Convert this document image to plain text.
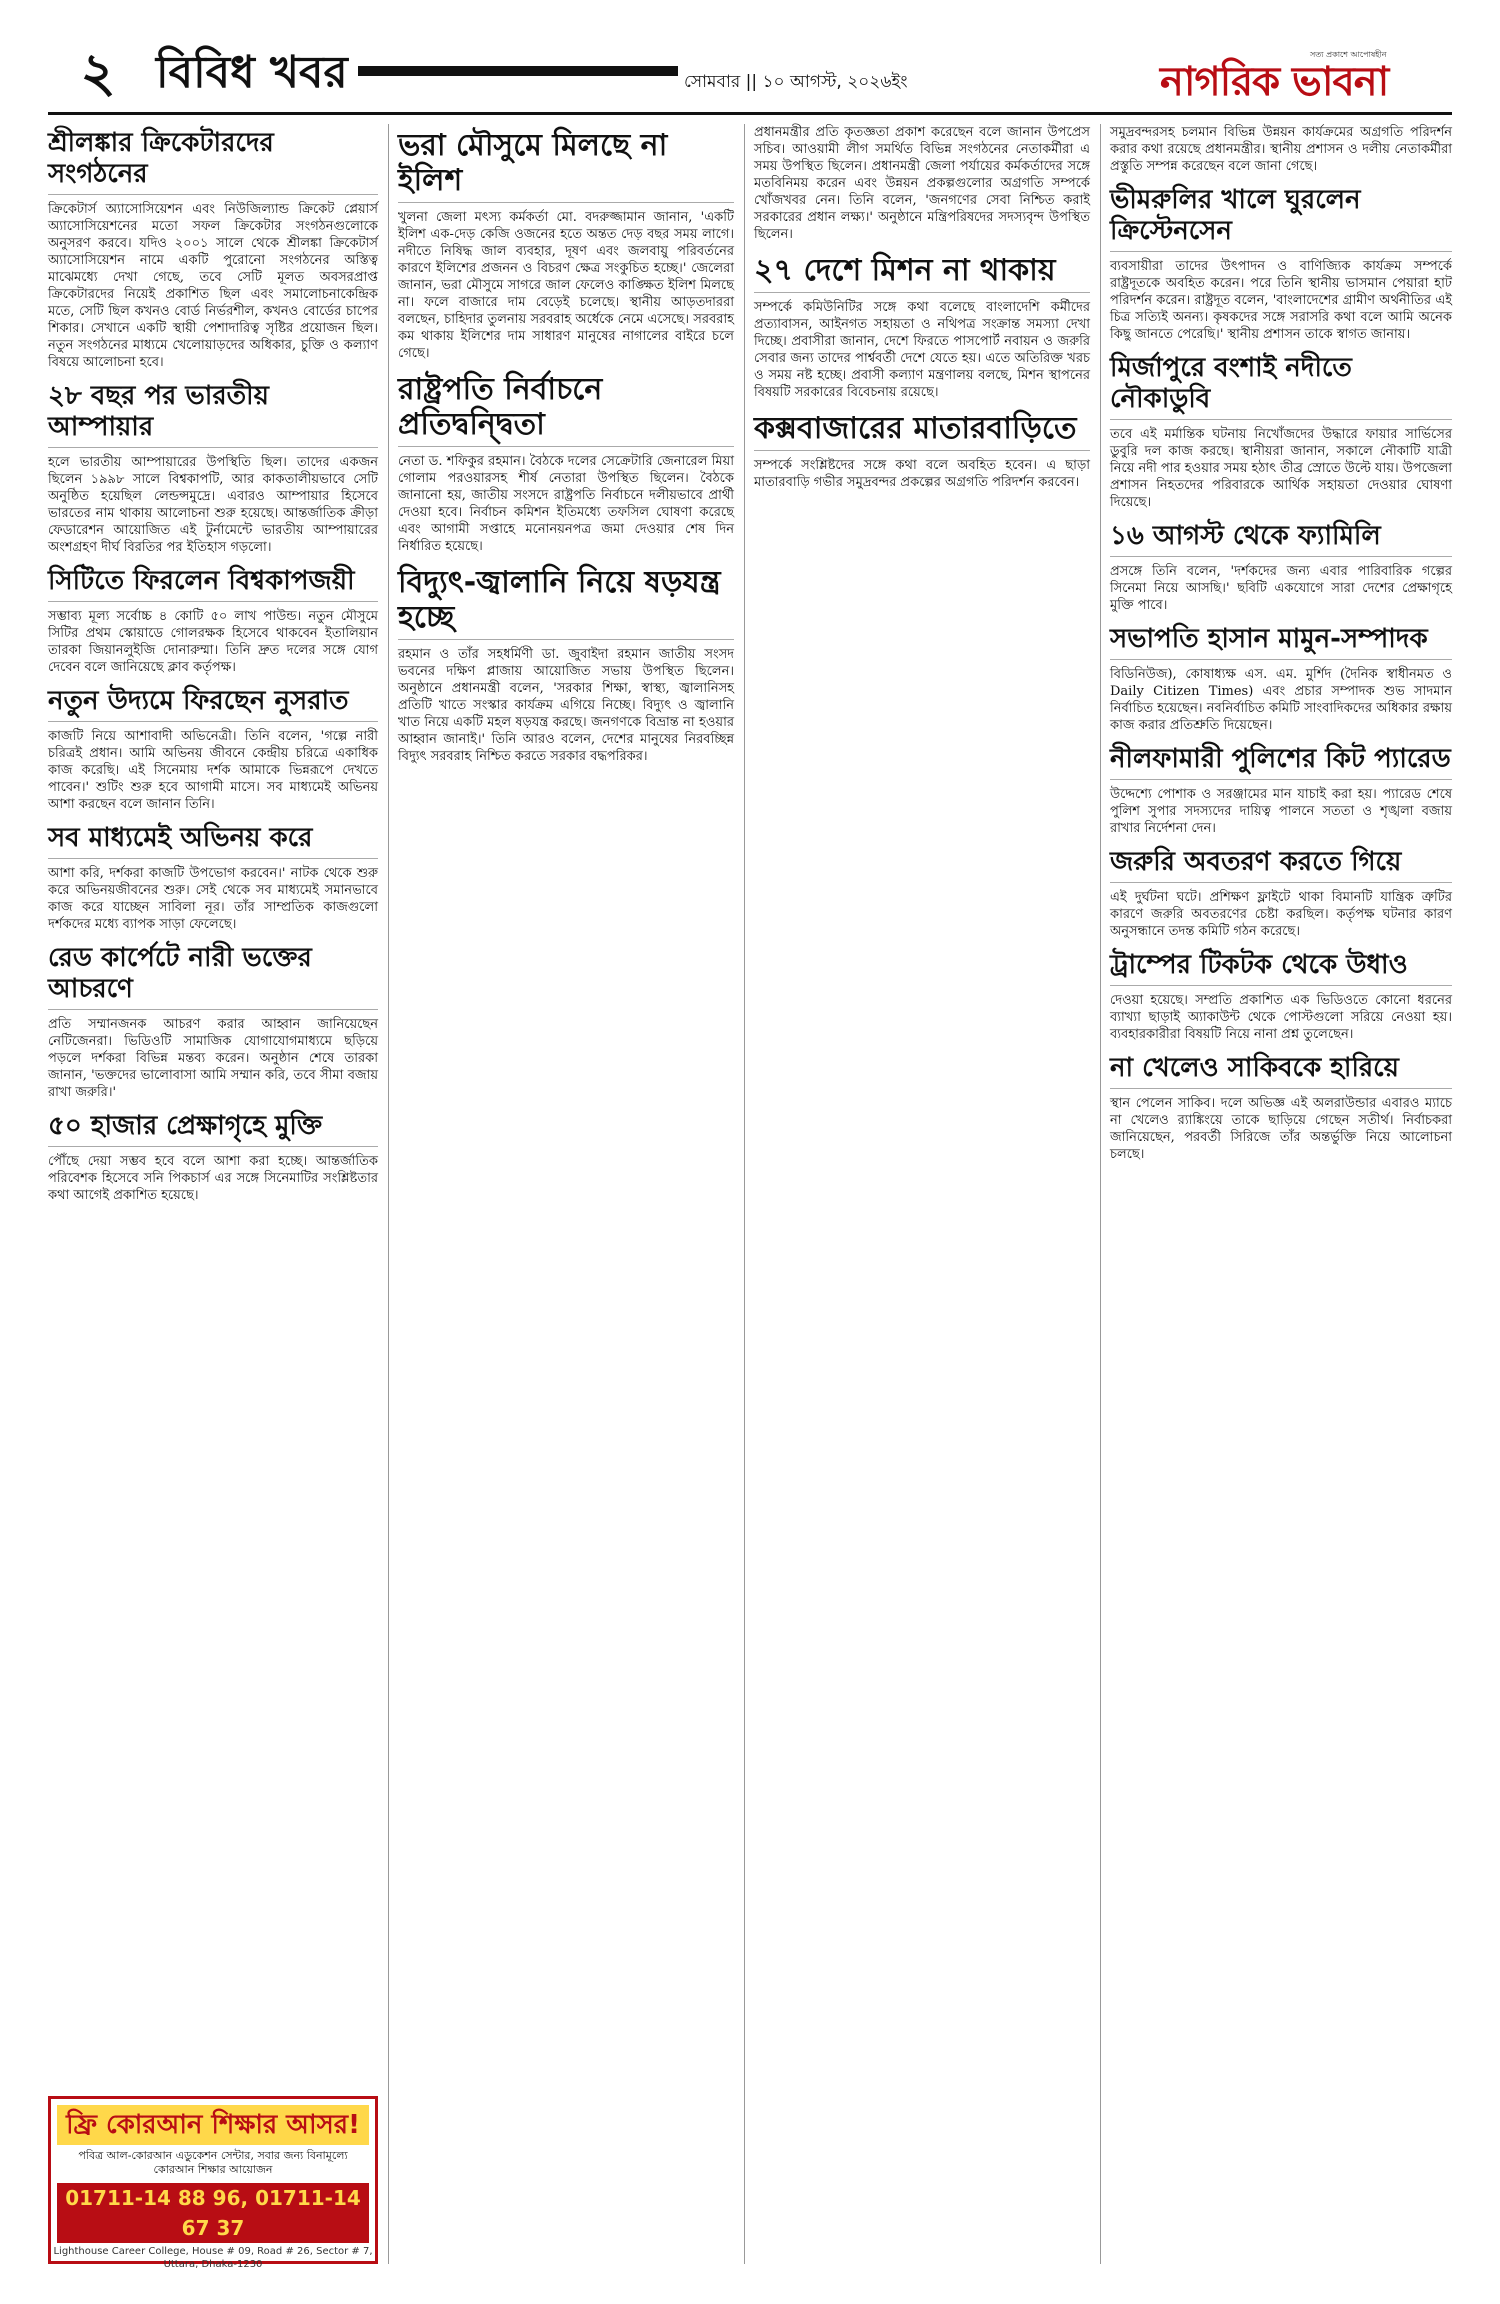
২ বিবিধ খবর	সোমবার || ১০ আগস্ট, ২০২৬ইং	নাগরিক ভাবনা
সত্য প্রকাশে আপোষহীন
শ্রীলঙ্কার ক্রিকেটারদের সংগঠনের
ক্রিকেটার্স অ্যাসোসিয়েশন এবং নিউজিল্যান্ড ক্রিকেট প্লেয়ার্স অ্যাসোসিয়েশনের মতো সফল ক্রিকেটার সংগঠনগুলোকে অনুসরণ করবে। যদিও ২০০১ সালে থেকে শ্রীলঙ্কা ক্রিকেটার্স অ্যাসোসিয়েশন নামে একটি পুরোনো সংগঠনের অস্তিত্ব মাঝেমধ্যে দেখা গেছে, তবে সেটি মূলত অবসরপ্রাপ্ত ক্রিকেটারদের নিয়েই প্রকাশিত ছিল এবং সমালোচনাকেন্দ্রিক মতে, সেটি ছিল কখনও বোর্ড নির্ভরশীল, কখনও বোর্ডের চাপের শিকার। সেখানে একটি স্থায়ী পেশাদারিত্ব সৃষ্টির প্রয়োজন ছিল। নতুন সংগঠনের মাধ্যমে খেলোয়াড়দের অধিকার, চুক্তি ও কল্যাণ বিষয়ে আলোচনা হবে।
২৮ বছর পর ভারতীয় আম্পায়ার
হলে ভারতীয় আম্পায়ারের উপস্থিতি ছিল। তাদের একজন ছিলেন ১৯৯৮ সালে বিশ্বকাপটি, আর কাকতালীয়ভাবে সেটি অনুষ্ঠিত হয়েছিল লেন্ডন্সমুদ্রে। এবারও আম্পায়ার হিসেবে ভারতের নাম থাকায় আলোচনা শুরু হয়েছে। আন্তর্জাতিক ক্রীড়া ফেডারেশন আয়োজিত এই টুর্নামেন্টে ভারতীয় আম্পায়ারের অংশগ্রহণ দীর্ঘ বিরতির পর ইতিহাস গড়লো।
সিটিতে ফিরলেন বিশ্বকাপজয়ী
সম্ভাব্য মূল্য সর্বোচ্চ ৪ কোটি ৫০ লাখ পাউন্ড। নতুন মৌসুমে সিটির প্রথম স্কোয়াডে গোলরক্ষক হিসেবে থাকবেন ইতালিয়ান তারকা জিয়ানলুইজি দোনারুম্মা। তিনি দ্রুত দলের সঙ্গে যোগ দেবেন বলে জানিয়েছে ক্লাব কর্তৃপক্ষ।
নতুন উদ্যমে ফিরছেন নুসরাত
কাজটি নিয়ে আশাবাদী অভিনেত্রী। তিনি বলেন, 'গল্পে নারী চরিত্রই প্রধান। আমি অভিনয় জীবনে কেন্দ্রীয় চরিত্রে একাধিক কাজ করেছি। এই সিনেমায় দর্শক আমাকে ভিন্নরূপে দেখতে পাবেন।' শুটিং শুরু হবে আগামী মাসে। সব মাধ্যমেই অভিনয় আশা করছেন বলে জানান তিনি।
সব মাধ্যমেই অভিনয় করে
আশা করি, দর্শকরা কাজটি উপভোগ করবেন।' নাটক থেকে শুরু করে অভিনয়জীবনের শুরু। সেই থেকে সব মাধ্যমেই সমানভাবে কাজ করে যাচ্ছেন সাবিলা নূর। তাঁর সাম্প্রতিক কাজগুলো দর্শকদের মধ্যে ব্যাপক সাড়া ফেলেছে।
রেড কার্পেটে নারী ভক্তের আচরণে
প্রতি সম্মানজনক আচরণ করার আহ্বান জানিয়েছেন নেটিজেনরা। ভিডিওটি সামাজিক যোগাযোগমাধ্যমে ছড়িয়ে পড়লে দর্শকরা বিভিন্ন মন্তব্য করেন। অনুষ্ঠান শেষে তারকা জানান, 'ভক্তদের ভালোবাসা আমি সম্মান করি, তবে সীমা বজায় রাখা জরুরি।'
৫০ হাজার প্রেক্ষাগৃহে মুক্তি
পৌঁছে দেয়া সম্ভব হবে বলে আশা করা হচ্ছে। আন্তর্জাতিক পরিবেশক হিসেবে সনি পিকচার্স এর সঙ্গে সিনেমাটির সংশ্লিষ্টতার কথা আগেই প্রকাশিত হয়েছে।
ফ্রি কোরআন শিক্ষার আসর!
পবিত্র আল-কোরআন এডুকেশন সেন্টার, সবার জন্য বিনামূল্যে কোরআন শিক্ষার আয়োজন
01711-14 88 96, 01711-14 67 37
Lighthouse Career College, House # 09, Road # 26, Sector # 7, Uttara, Dhaka-1230
ভরা মৌসুমে মিলছে না ইলিশ
খুলনা জেলা মৎস্য কর্মকর্তা মো. বদরুজ্জামান জানান, 'একটি ইলিশ এক-দেড় কেজি ওজনের হতে অন্তত দেড় বছর সময় লাগে। নদীতে নিষিদ্ধ জাল ব্যবহার, দূষণ এবং জলবায়ু পরিবর্তনের কারণে ইলিশের প্রজনন ও বিচরণ ক্ষেত্র সংকুচিত হচ্ছে।' জেলেরা জানান, ভরা মৌসুমে সাগরে জাল ফেলেও কাঙ্ক্ষিত ইলিশ মিলছে না। ফলে বাজারে দাম বেড়েই চলেছে। স্থানীয় আড়তদাররা বলছেন, চাহিদার তুলনায় সরবরাহ অর্ধেকে নেমে এসেছে। সরবরাহ কম থাকায় ইলিশের দাম সাধারণ মানুষের নাগালের বাইরে চলে গেছে।
রাষ্ট্রপতি নির্বাচনে প্রতিদ্বন্দ্বিতা
নেতা ড. শফিকুর রহমান। বৈঠকে দলের সেক্রেটারি জেনারেল মিয়া গোলাম পরওয়ারসহ শীর্ষ নেতারা উপস্থিত ছিলেন। বৈঠকে জানানো হয়, জাতীয় সংসদে রাষ্ট্রপতি নির্বাচনে দলীয়ভাবে প্রার্থী দেওয়া হবে। নির্বাচন কমিশন ইতিমধ্যে তফসিল ঘোষণা করেছে এবং আগামী সপ্তাহে মনোনয়নপত্র জমা দেওয়ার শেষ দিন নির্ধারিত হয়েছে।
বিদ্যুৎ-জ্বালানি নিয়ে ষড়যন্ত্র হচ্ছে
রহমান ও তাঁর সহধর্মিণী ডা. জুবাইদা রহমান জাতীয় সংসদ ভবনের দক্ষিণ প্লাজায় আয়োজিত সভায় উপস্থিত ছিলেন। অনুষ্ঠানে প্রধানমন্ত্রী বলেন, 'সরকার শিক্ষা, স্বাস্থ্য, জ্বালানিসহ প্রতিটি খাতে সংস্কার কার্যক্রম এগিয়ে নিচ্ছে। বিদ্যুৎ ও জ্বালানি খাত নিয়ে একটি মহল ষড়যন্ত্র করছে। জনগণকে বিভ্রান্ত না হওয়ার আহ্বান জানাই।' তিনি আরও বলেন, দেশের মানুষের নিরবচ্ছিন্ন বিদ্যুৎ সরবরাহ নিশ্চিত করতে সরকার বদ্ধপরিকর।
প্রধানমন্ত্রীর প্রতি কৃতজ্ঞতা প্রকাশ করেছেন বলে জানান উপপ্রেস সচিব। আওয়ামী লীগ সমর্থিত বিভিন্ন সংগঠনের নেতাকর্মীরা এ সময় উপস্থিত ছিলেন। প্রধানমন্ত্রী জেলা পর্যায়ের কর্মকর্তাদের সঙ্গে মতবিনিময় করেন এবং উন্নয়ন প্রকল্পগুলোর অগ্রগতি সম্পর্কে খোঁজখবর নেন। তিনি বলেন, 'জনগণের সেবা নিশ্চিত করাই সরকারের প্রধান লক্ষ্য।' অনুষ্ঠানে মন্ত্রিপরিষদের সদস্যবৃন্দ উপস্থিত ছিলেন।
২৭ দেশে মিশন না থাকায়
সম্পর্কে কমিউনিটির সঙ্গে কথা বলেছে বাংলাদেশি কর্মীদের প্রত্যাবাসন, আইনগত সহায়তা ও নথিপত্র সংক্রান্ত সমস্যা দেখা দিচ্ছে। প্রবাসীরা জানান, দেশে ফিরতে পাসপোর্ট নবায়ন ও জরুরি সেবার জন্য তাদের পার্শ্ববর্তী দেশে যেতে হয়। এতে অতিরিক্ত খরচ ও সময় নষ্ট হচ্ছে। প্রবাসী কল্যাণ মন্ত্রণালয় বলছে, মিশন স্থাপনের বিষয়টি সরকারের বিবেচনায় রয়েছে।
কক্সবাজারের মাতারবাড়িতে
সম্পর্কে সংশ্লিষ্টদের সঙ্গে কথা বলে অবহিত হবেন। এ ছাড়া মাতারবাড়ি গভীর সমুদ্রবন্দর প্রকল্পের অগ্রগতি পরিদর্শন করবেন।
সমুদ্রবন্দরসহ চলমান বিভিন্ন উন্নয়ন কার্যক্রমের অগ্রগতি পরিদর্শন করার কথা রয়েছে প্রধানমন্ত্রীর। স্থানীয় প্রশাসন ও দলীয় নেতাকর্মীরা প্রস্তুতি সম্পন্ন করেছেন বলে জানা গেছে।
ভীমরুলির খালে ঘুরলেন ক্রিস্টেনসেন
ব্যবসায়ীরা তাদের উৎপাদন ও বাণিজ্যিক কার্যক্রম সম্পর্কে রাষ্ট্রদূতকে অবহিত করেন। পরে তিনি স্থানীয় ভাসমান পেয়ারা হাট পরিদর্শন করেন। রাষ্ট্রদূত বলেন, 'বাংলাদেশের গ্রামীণ অর্থনীতির এই চিত্র সত্যিই অনন্য। কৃষকদের সঙ্গে সরাসরি কথা বলে আমি অনেক কিছু জানতে পেরেছি।' স্থানীয় প্রশাসন তাকে স্বাগত জানায়।
মির্জাপুরে বংশাই নদীতে নৌকাডুবি
তবে এই মর্মান্তিক ঘটনায় নিখোঁজদের উদ্ধারে ফায়ার সার্ভিসের ডুবুরি দল কাজ করছে। স্থানীয়রা জানান, সকালে নৌকাটি যাত্রী নিয়ে নদী পার হওয়ার সময় হঠাৎ তীব্র স্রোতে উল্টে যায়। উপজেলা প্রশাসন নিহতদের পরিবারকে আর্থিক সহায়তা দেওয়ার ঘোষণা দিয়েছে।
১৬ আগস্ট থেকে ফ্যামিলি
প্রসঙ্গে তিনি বলেন, 'দর্শকদের জন্য এবার পারিবারিক গল্পের সিনেমা নিয়ে আসছি।' ছবিটি একযোগে সারা দেশের প্রেক্ষাগৃহে মুক্তি পাবে।
সভাপতি হাসান মামুন-সম্পাদক
বিডিনিউজ), কোষাধ্যক্ষ এস. এম. মুর্শিদ (দৈনিক স্বাধীনমত ও Daily Citizen Times) এবং প্রচার সম্পাদক শুভ সাদমান নির্বাচিত হয়েছেন। নবনির্বাচিত কমিটি সাংবাদিকদের অধিকার রক্ষায় কাজ করার প্রতিশ্রুতি দিয়েছেন।
নীলফামারী পুলিশের কিট প্যারেড
উদ্দেশ্যে পোশাক ও সরঞ্জামের মান যাচাই করা হয়। প্যারেড শেষে পুলিশ সুপার সদস্যদের দায়িত্ব পালনে সততা ও শৃঙ্খলা বজায় রাখার নির্দেশনা দেন।
জরুরি অবতরণ করতে গিয়ে
এই দুর্ঘটনা ঘটে। প্রশিক্ষণ ফ্লাইটে থাকা বিমানটি যান্ত্রিক ত্রুটির কারণে জরুরি অবতরণের চেষ্টা করছিল। কর্তৃপক্ষ ঘটনার কারণ অনুসন্ধানে তদন্ত কমিটি গঠন করেছে।
ট্রাম্পের টিকটক থেকে উধাও
দেওয়া হয়েছে। সম্প্রতি প্রকাশিত এক ভিডিওতে কোনো ধরনের ব্যাখ্যা ছাড়াই অ্যাকাউন্ট থেকে পোস্টগুলো সরিয়ে নেওয়া হয়। ব্যবহারকারীরা বিষয়টি নিয়ে নানা প্রশ্ন তুলেছেন।
না খেলেও সাকিবকে হারিয়ে
স্থান পেলেন সাকিব। দলে অভিজ্ঞ এই অলরাউন্ডার এবারও ম্যাচে না খেলেও র‍্যাঙ্কিংয়ে তাকে ছাড়িয়ে গেছেন সতীর্থ। নির্বাচকরা জানিয়েছেন, পরবর্তী সিরিজে তাঁর অন্তর্ভুক্তি নিয়ে আলোচনা চলছে।
